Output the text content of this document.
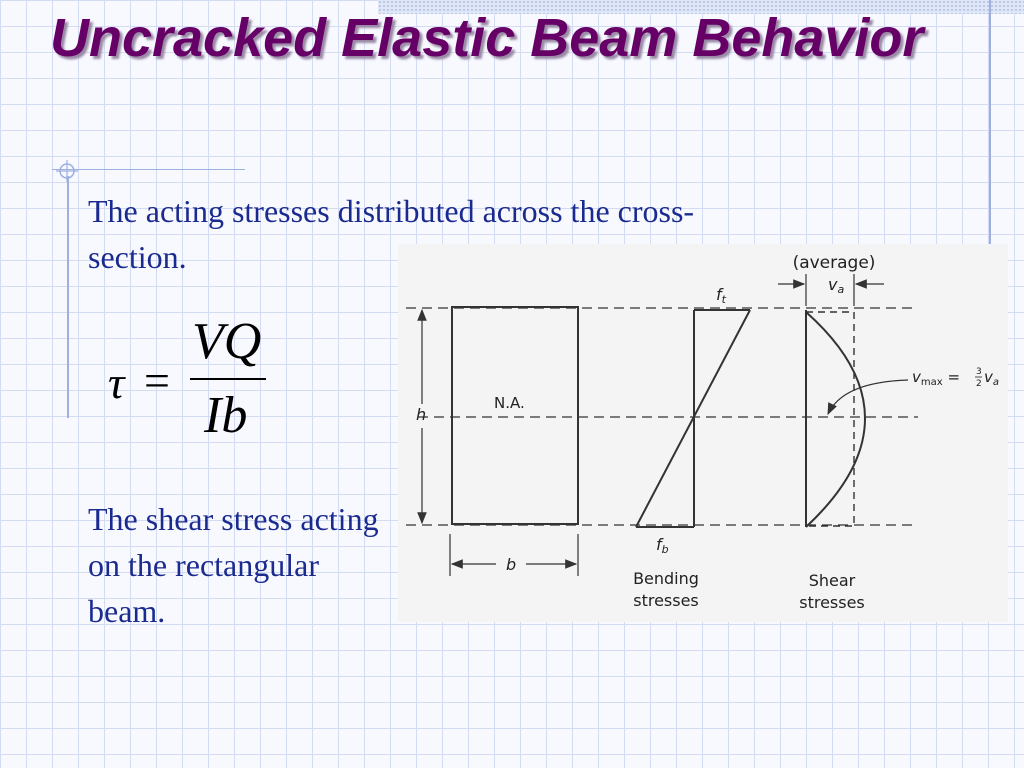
Uncracked Elastic Beam Behavior
The acting stresses distributed across the cross-section.
τ =
VQ
Ib
The shear stress acting on the rectangular beam.
(average)
va
ft
fb
N.A.
h
b
$v_{max} = 3$
2 $v_a$
Bending
stresses
Shear
stresses
